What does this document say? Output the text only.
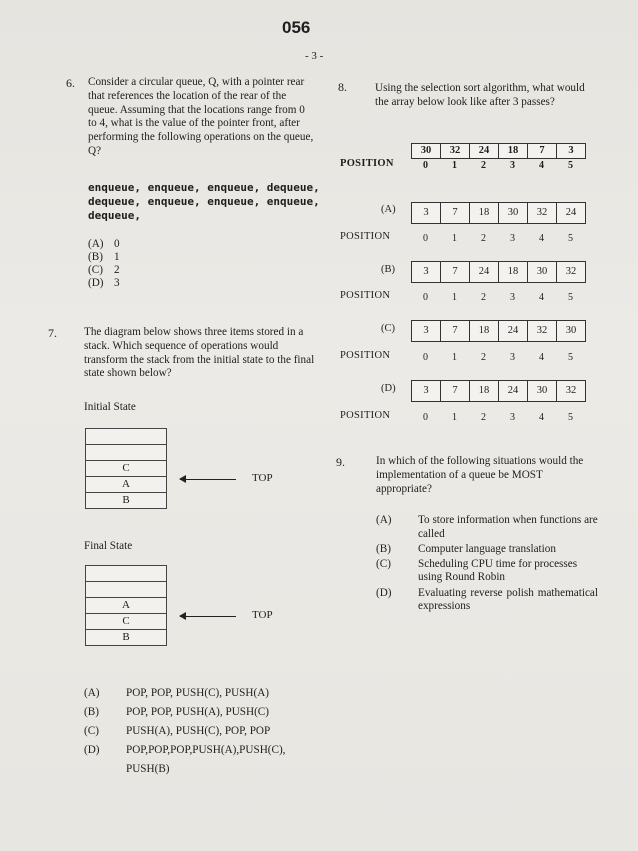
056
- 3 -
6. Consider a circular queue, Q, with a pointer rear that references the location of the rear of the queue. Assuming that the locations range from 0 to 4, what is the value of the pointer front, after performing the following operations on the queue, Q?
enqueue, enqueue, enqueue, dequeue,
dequeue, enqueue, enqueue, enqueue,
dequeue,
(A) 0
(B) 1
(C) 2
(D) 3
7. The diagram below shows three items stored in a stack. Which sequence of operations would transform the stack from the initial state to the final state shown below?
Initial State
C
A
B
TOP
Final State
A
C
B
TOP
(A) POP, POP, PUSH(C), PUSH(A)
(B) POP, POP, PUSH(A), PUSH(C)
(C) PUSH(A), PUSH(C), POP, POP
(D)	POP,POP,POP,PUSH(A),PUSH(C), PUSH(B)
8.	Using the selection sort algorithm, what would the array below look like after 3 passes?
30	32	24	18	7	3
POSITION	0	1	2	3	4	5
(A)	3	7	18	30	32	24
POSITION	0	1	2	3	4	5
(B)	3	7	24	18	30	32
POSITION	0	1	2	3	4	5
(C)	3	7	18	24	32	30
POSITION	0	1	2	3	4	5
(D)	3	7	18	24	30	32
POSITION	0	1	2	3	4	5
9.	In which of the following situations would the implementation of a queue be MOST appropriate?
(A)	To store information when functions are called
(B)	Computer language translation
(C)	Scheduling CPU time for processes using Round Robin
(D)	Evaluating reverse polish mathematical expressions
